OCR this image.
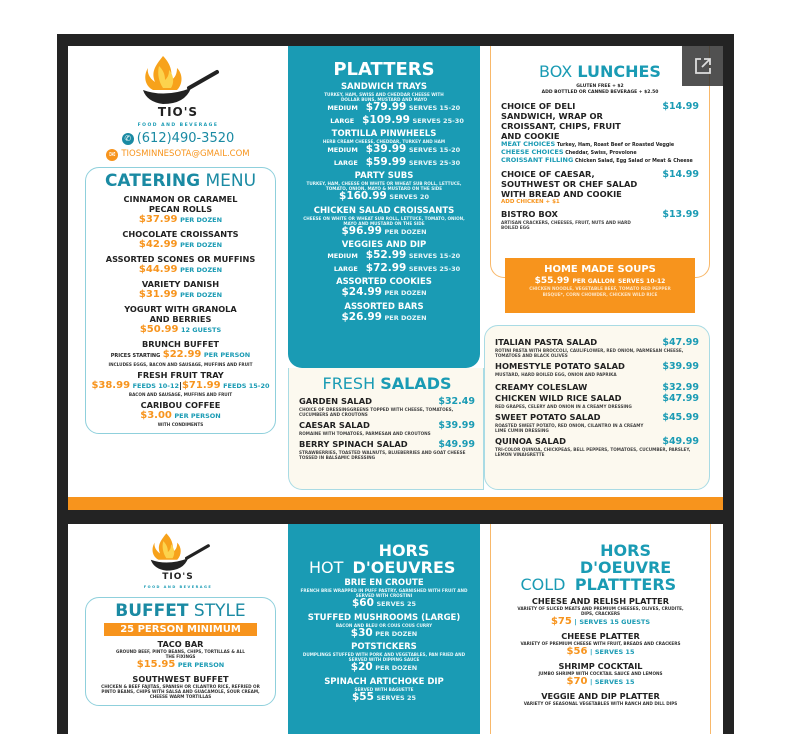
TIO'S
FOOD AND BEVERAGE
✆ (612)490-3520
✉ TIOSMINNESOTA@GMAIL.COM
CATERING MENU
CINNAMON OR CARAMEL PECAN ROLLS
$37.99 PER DOZEN
CHOCOLATE CROISSANTS
$42.99 PER DOZEN
ASSORTED SCONES OR MUFFINS
$44.99 PER DOZEN
VARIETY DANISH
$31.99 PER DOZEN
YOGURT WITH GRANOLA AND BERRIES
$50.99 12 GUESTS
BRUNCH BUFFET
PRICES STARTING $22.99 PER PERSON
INCLUDES EGGS, BACON AND SAUSAGE, MUFFINS AND FRUIT
FRESH FRUIT TRAY
$38.99 FEEDS 10-12|$71.99 FEEDS 15-20
BACON AND SAUSAGE, MUFFINS AND FRUIT
CARIBOU COFFEE
$3.00 PER PERSON
WITH CONDIMENTS
PLATTERS
SANDWICH TRAYS
TURKEY, HAM, SWISS AND CHEDDAR CHEESE WITH DOLLAR BUNS, MUSTARD AND MAYO
MEDIUM $79.99 SERVES 15-20
LARGE $109.99 SERVES 25-30
TORTILLA PINWHEELS
HERB CREAM CHEESE, CHEDDAR, TURKEY AND HAM
MEDIUM $39.99 SERVES 15-20
LARGE $59.99 SERVES 25-30
PARTY SUBS
TURKEY, HAM, CHEESE ON WHITE OR WHEAT SUB ROLL, LETTUCE, TOMATO, ONION, MAYO & MUSTARD ON THE SIDE
$160.99 SERVES 20
CHICKEN SALAD CROISSANTS
CHEESE ON WHITE OR WHEAT SUB ROLL, LETTUCE, TOMATO, ONION, MAYO AND MUSTARD ON THE SIDE
$96.99 PER DOZEN
VEGGIES AND DIP
MEDIUM $52.99 SERVES 15-20
LARGE $72.99 SERVES 25-30
ASSORTED COOKIES
$24.99 PER DOZEN
ASSORTED BARS
$26.99 PER DOZEN
FRESH SALADS
GARDEN SALAD	$32.49
CHOICE OF DRESSINGGREENS TOPPED WITH CHEESE, TOMATOES, CUCUMBERS AND CROUTONS
CAESAR SALAD	$39.99
ROMAINE WITH TOMATOES, PARMESAN AND CROUTONS
BERRY SPINACH SALAD	$49.99
STRAWBERRIES, TOASTED WALNUTS, BLUEBERRIES AND GOAT CHEESE TOSSED IN BALSAMIC DRESSING
BOX LUNCHES
GLUTEN FREE + $2
ADD BOTTLED OR CANNED BEVERAGE + $2.50
CHOICE OF DELI SANDWICH, WRAP OR CROISSANT, CHIPS, FRUIT AND COOKIE
$14.99
MEAT CHOICES Turkey, Ham, Roast Beef or Roasted Veggie
CHEESE CHOICES Cheddar, Swiss, Provolone
CROISSANT FILLING Chicken Salad, Egg Salad or Meat & Cheese
CHOICE OF CAESAR, SOUTHWEST OR CHEF SALAD WITH BREAD AND COOKIE
$14.99
ADD CHICKEN + $1
BISTRO BOX	$13.99
ARTISAN CRACKERS, CHEESES, FRUIT, NUTS AND HARD BOILED EGG
HOME MADE SOUPS
$55.99 PER GALLON SERVES 10-12
CHICKEN NOODLE, VEGETABLE BEEF, TOMATO RED PEPPER BISQUE*, CORN CHOWDER, CHICKEN WILD RICE
ITALIAN PASTA SALAD	$47.99
ROTINI PASTA WITH BROCCOLI, CAULIFLOWER, RED ONION, PARMESAN CHEESE, TOMATOES AND BLACK OLIVES
HOMESTYLE POTATO SALAD	$39.99
MUSTARD, HARD BOILED EGG, ONION AND PAPRIKA
CREAMY COLESLAW	$32.99
CHICKEN WILD RICE SALAD	$47.99
RED GRAPES, CELERY AND ONION IN A CREAMY DRESSING
SWEET POTATO SALAD	$45.99
ROASTED SWEET POTATO, RED ONION, CILANTRO IN A CREAMY LIME CUMIN DRESSING
QUINOA SALAD	$49.99
TRI-COLOR QUINOA, CHICKPEAS, BELL PEPPERS, TOMATOES, CUCUMBER, PARSLEY, LEMON VINAIGRETTE
TIO'S
FOOD AND BEVERAGE
BUFFET STYLE
25 PERSON MINIMUM
TACO BAR
GROUND BEEF, PINTO BEANS, CHIPS, TORTILLAS & ALL THE FIXINGS
$15.95 PER PERSON
SOUTHWEST BUFFET
CHICKEN & BEEF FAJITAS, SPANISH OR CILANTRO RICE, REFRIED OR PINTO BEANS, CHIPS WITH SALSA AND GUACAMOLE, SOUR CREAM, CHEESE WARM TORTILLAS
HOT HORS D'OEUVRES
BRIE EN CROUTE
FRENCH BRIE WRAPPED IN PUFF PASTRY, GARNISHED WITH FRUIT AND SERVED WITH CROSTINI
$60 SERVES 25
STUFFED MUSHROOMS (LARGE)
BACON AND BLEU OR COUS COUS CURRY
$30 PER DOZEN
POTSTICKERS
DUMPLINGS STUFFED WITH PORK AND VEGETABLES, PAN FRIED AND SERVED WITH DIPPING SAUCE
$20 PER DOZEN
SPINACH ARTICHOKE DIP
SERVED WITH BAGUETTE
$55 SERVES 25
COLD HORS D'OEUVRE PLATTTERS
CHEESE AND RELISH PLATTER
VARIETY OF SLICED MEATS AND PREMIUM CHEESES, OLIVES, CRUDITE, DIPS, CRACKERS
$75 | SERVES 15 GUESTS
CHEESE PLATTER
VARIETY OF PREMIUM CHEESE WITH FRUIT, BREADS AND CRACKERS
$56 | SERVES 15
SHRIMP COCKTAIL
JUMBO SHRIMP WITH COCKTAIL SAUCE AND LEMONS
$70 | SERVES 15
VEGGIE AND DIP PLATTER
VARIETY OF SEASONAL VEGETABLES WITH RANCH AND DILL DIPS
